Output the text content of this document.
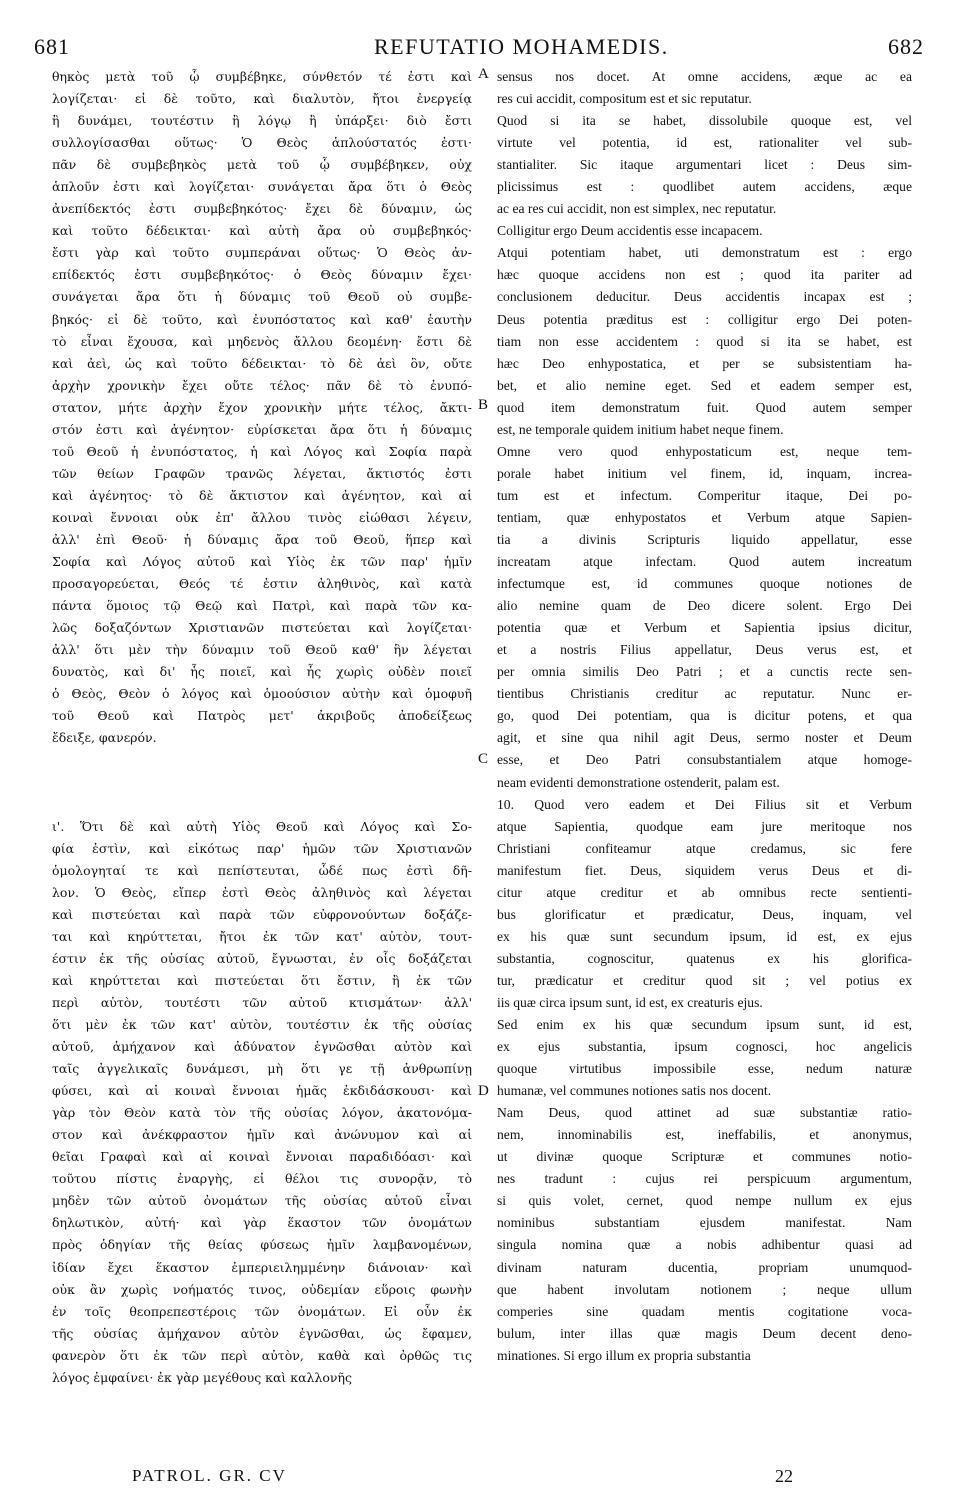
681	REFUTATIO MOHAMEDIS.	682
θηκὸς μετὰ τοῦ ᾧ συμβέβηκε, σύνθετόν τέ ἐστι καὶ
λογίζεται· εἰ δὲ τοῦτο, καὶ διαλυτὸν, ἤτοι ἐνεργείᾳ
ἢ δυνάμει, τουτέστιν ἢ λόγῳ ἢ ὑπάρξει· διὸ ἔστι
συλλογίσασθαι οὕτως· Ὁ Θεὸς ἁπλούστατός ἐστι·
πᾶν δὲ συμβεβηκὸς μετὰ τοῦ ᾧ συμβέβηκεν, οὐχ
ἁπλοῦν ἐστι καὶ λογίζεται· συνάγεται ἄρα ὅτι ὁ Θεὸς
ἀνεπίδεκτός ἐστι συμβεβηκότος· ἔχει δὲ δύναμιν, ὡς
καὶ τοῦτο δέδεικται· καὶ αὐτὴ ἄρα οὐ συμβεβηκός·
ἔστι γὰρ καὶ τοῦτο συμπεράναι οὕτως· Ὁ Θεὸς ἀν-
επίδεκτός ἐστι συμβεβηκότος· ὁ Θεὸς δύναμιν ἔχει·
συνάγεται ἄρα ὅτι ἡ δύναμις τοῦ Θεοῦ οὐ συμβε-
βηκός· εἰ δὲ τοῦτο, καὶ ἐνυπόστατος καὶ καθ' ἑαυτὴν
τὸ εἶναι ἔχουσα, καὶ μηδενὸς ἄλλου δεομένη· ἔστι δὲ
καὶ ἀεὶ, ὡς καὶ τοῦτο δέδεικται· τὸ δὲ ἀεὶ ὂν, οὔτε
ἀρχὴν χρονικὴν ἔχει οὔτε τέλος· πᾶν δὲ τὸ ἐνυπό-
στατον, μήτε ἀρχὴν ἔχον χρονικὴν μήτε τέλος, ἄκτι-
στόν ἐστι καὶ ἀγένητον· εὑρίσκεται ἄρα ὅτι ἡ δύναμις
τοῦ Θεοῦ ἡ ἐνυπόστατος, ἡ καὶ Λόγος καὶ Σοφία παρὰ
τῶν θείων Γραφῶν τρανῶς λέγεται, ἄκτιστός ἐστι
καὶ ἀγένητος· τὸ δὲ ἄκτιστον καὶ ἀγένητον, καὶ αἱ
κοιναὶ ἔννοιαι οὐκ ἐπ' ἄλλου τινὸς εἰώθασι λέγειν,
ἀλλ' ἐπὶ Θεοῦ· ἡ δύναμις ἄρα τοῦ Θεοῦ, ἥπερ καὶ
Σοφία καὶ Λόγος αὐτοῦ καὶ Υἱὸς ἐκ τῶν παρ' ἡμῖν
προσαγορεύεται, Θεός τέ ἐστιν ἀληθινὸς, καὶ κατὰ
πάντα ὅμοιος τῷ Θεῷ καὶ Πατρὶ, καὶ παρὰ τῶν κα-
λῶς δοξαζόντων Χριστιανῶν πιστεύεται καὶ λογίζεται·
ἀλλ' ὅτι μὲν τὴν δύναμιν τοῦ Θεοῦ καθ' ἣν λέγεται
δυνατὸς, καὶ δι' ἧς ποιεῖ, καὶ ἧς χωρὶς οὐδὲν ποιεῖ
ὁ Θεὸς, Θεὸν ὁ λόγος καὶ ὁμοούσιον αὐτὴν καὶ ὁμοφυῆ
τοῦ Θεοῦ καὶ Πατρὸς μετ' ἀκριβοῦς ἀποδείξεως
ἔδειξε, φανερόν.
ι'. Ὅτι δὲ καὶ αὐτὴ Υἱὸς Θεοῦ καὶ Λόγος καὶ Σο-
φία ἐστὶν, καὶ εἰκότως παρ' ἡμῶν τῶν Χριστιανῶν
ὁμολογηταί τε καὶ πεπίστευται, ὧδέ πως ἐστὶ δῆ-
λον. Ὁ Θεὸς, εἴπερ ἐστὶ Θεὸς ἀληθινὸς καὶ λέγεται
καὶ πιστεύεται καὶ παρὰ τῶν εὐφρονούντων δοξάζε-
ται καὶ κηρύττεται, ἤτοι ἐκ τῶν κατ' αὐτὸν, τουτ-
έστιν ἐκ τῆς οὐσίας αὐτοῦ, ἔγνωσται, ἐν οἷς δοξάζεται
καὶ κηρύττεται καὶ πιστεύεται ὅτι ἔστιν, ἢ ἐκ τῶν
περὶ αὐτὸν, τουτέστι τῶν αὐτοῦ κτισμάτων· ἀλλ'
ὅτι μὲν ἐκ τῶν κατ' αὐτὸν, τουτέστιν ἐκ τῆς οὐσίας
αὐτοῦ, ἀμήχανον καὶ ἀδύνατον ἐγνῶσθαι αὐτὸν καὶ
ταῖς ἀγγελικαῖς δυνάμεσι, μὴ ὅτι γε τῇ ἀνθρωπίνῃ
φύσει, καὶ αἱ κοιναὶ ἔννοιαι ἡμᾶς ἐκδιδάσκουσι· καὶ
γὰρ τὸν Θεὸν κατὰ τὸν τῆς οὐσίας λόγον, ἀκατονόμα-
στον καὶ ἀνέκφραστον ἡμῖν καὶ ἀνώνυμον καὶ αἱ
θεῖαι Γραφαὶ καὶ αἱ κοιναὶ ἔννοιαι παραδιδόασι· καὶ
τοῦτου πίστις ἐναργὴς, εἰ θέλοι τις συνορᾷν, τὸ
μηδὲν τῶν αὐτοῦ ὀνομάτων τῆς οὐσίας αὐτοῦ εἶναι
δηλωτικὸν, αὐτή· καὶ γὰρ ἕκαστον τῶν ὀνομάτων
πρὸς ὁδηγίαν τῆς θείας φύσεως ἡμῖν λαμβανομένων,
ἰδίαν ἔχει ἕκαστον ἐμπεριειλημμένην διάνοιαν· καὶ
οὐκ ἂν χωρὶς νοήματός τινος, οὐδεμίαν εὕροις φωνὴν
ἐν τοῖς θεοπρεπεστέροις τῶν ὀνομάτων. Εἰ οὖν ἐκ
τῆς οὐσίας ἀμήχανον αὐτὸν ἐγνῶσθαι, ὡς ἔφαμεν,
φανερὸν ὅτι ἐκ τῶν περὶ αὐτὸν, καθὰ καὶ ὀρθῶς τις
λόγος ἐμφαίνει· ἐκ γὰρ μεγέθους καὶ καλλονῆς
sensus nos docet. At omne accidens, æque ac ea
res cui accidit, compositum est et sic reputatur.
Quod si ita se habet, dissolubile quoque est, vel
virtute vel potentia, id est, rationaliter vel sub-
stantialiter. Sic itaque argumentari licet : Deus sim-
plicissimus est : quodlibet autem accidens, æque
ac ea res cui accidit, non est simplex, nec reputatur.
Colligitur ergo Deum accidentis esse incapacem.
Atqui potentiam habet, uti demonstratum est : ergo
hæc quoque accidens non est ; quod ita pariter ad
conclusionem deducitur. Deus accidentis incapax est ;
Deus potentia præditus est : colligitur ergo Dei poten-
tiam non esse accidentem : quod si ita se habet, est
hæc Deo enhypostatica, et per se subsistentiam ha-
bet, et alio nemine eget. Sed et eadem semper est,
quod item demonstratum fuit. Quod autem semper
est, ne temporale quidem initium habet neque finem.
Omne vero quod enhypostaticum est, neque tem-
porale habet initium vel finem, id, inquam, increa-
tum est et infectum. Comperitur itaque, Dei po-
tentiam, quæ enhypostatos et Verbum atque Sapien-
tia a divinis Scripturis liquido appellatur, esse
increatam atque infectam. Quod autem increatum
infectumque est, id communes quoque notiones de
alio nemine quam de Deo dicere solent. Ergo Dei
potentia quæ et Verbum et Sapientia ipsius dicitur,
et a nostris Filius appellatur, Deus verus est, et
per omnia similis Deo Patri ; et a cunctis recte sen-
tientibus Christianis creditur ac reputatur. Nunc er-
go, quod Dei potentiam, qua is dicitur potens, et qua
agit, et sine qua nihil agit Deus, sermo noster et Deum
esse, et Deo Patri consubstantialem atque homoge-
neam evidenti demonstratione ostenderit, palam est.
10. Quod vero eadem et Dei Filius sit et Verbum
atque Sapientia, quodque eam jure meritoque nos
Christiani confiteamur atque credamus, sic fere
manifestum fiet. Deus, siquidem verus Deus et di-
citur atque creditur et ab omnibus recte sentienti-
bus glorificatur et prædicatur, Deus, inquam, vel
ex his quæ sunt secundum ipsum, id est, ex ejus
substantia, cognoscitur, quatenus ex his glorifica-
tur, prædicatur et creditur quod sit ; vel potius ex
iis quæ circa ipsum sunt, id est, ex creaturis ejus.
Sed enim ex his quæ secundum ipsum sunt, id est,
ex ejus substantia, ipsum cognosci, hoc angelicis
quoque virtutibus impossibile esse, nedum naturæ
humanæ, vel communes notiones satis nos docent.
Nam Deus, quod attinet ad suæ substantiæ ratio-
nem, innominabilis est, ineffabilis, et anonymus,
ut divinæ quoque Scripturæ et communes notio-
nes tradunt : cujus rei perspicuum argumentum,
si quis volet, cernet, quod nempe nullum ex ejus
nominibus substantiam ejusdem manifestat. Nam
singula nomina quæ a nobis adhibentur quasi ad
divinam naturam ducentia, propriam unumquod-
que habent involutam notionem ; neque ullum
comperies sine quadam mentis cogitatione voca-
bulum, inter illas quæ magis Deum decent deno-
minationes. Si ergo illum ex propria substantia
A
B
C
D
PATROL. GR. CV	22
